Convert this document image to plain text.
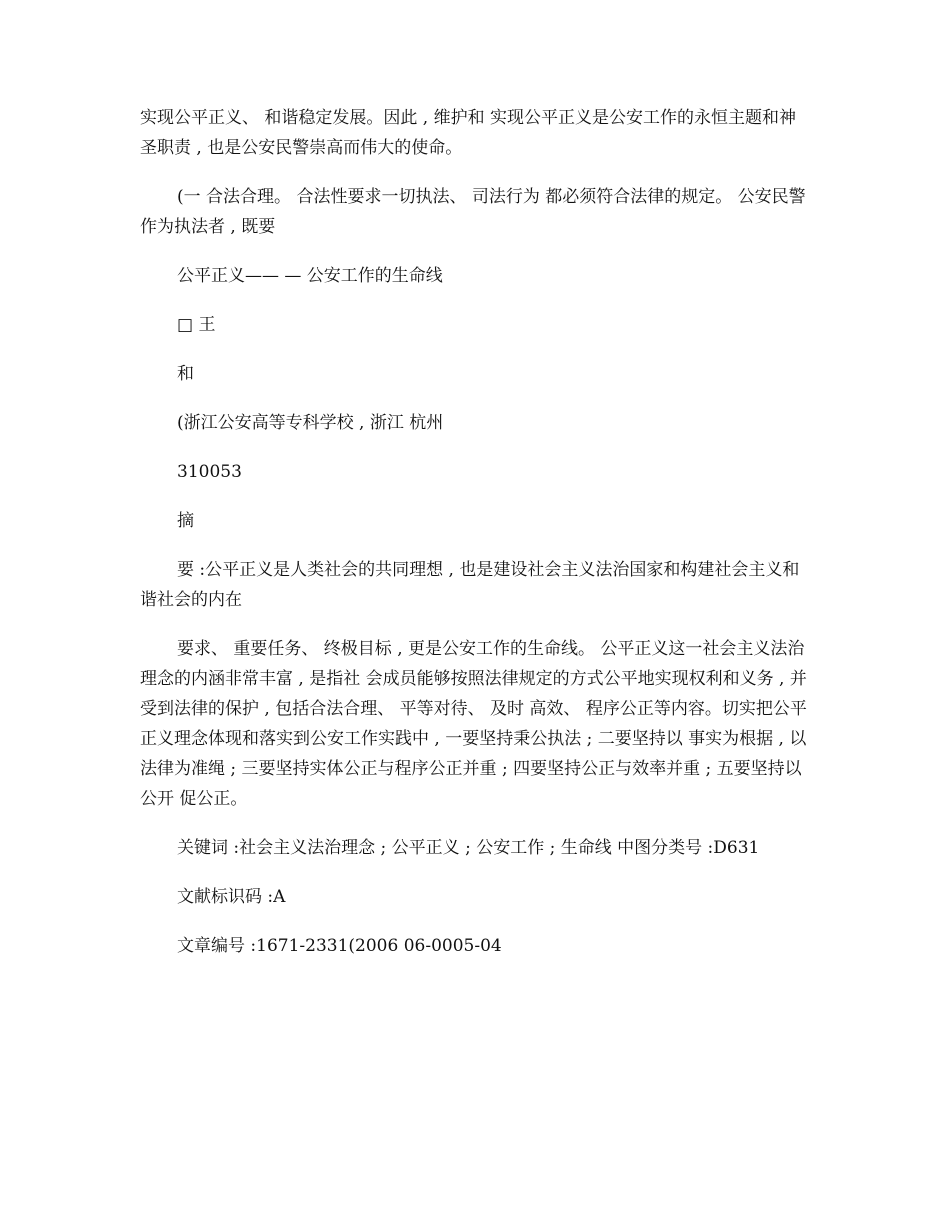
实现公平正义、 和谐稳定发展。因此 , 维护和 实现公平正义是公安工作的永恒主题和神圣职责 , 也是公安民警崇高而伟大的使命。

(一 合法合理。 合法性要求一切执法、 司法行为 都必须符合法律的规定。 公安民警作为执法者 , 既要

公平正义—— — 公安工作的生命线

□ 王

和

(浙江公安高等专科学校 , 浙江 杭州

310053

摘

要 :公平正义是人类社会的共同理想 , 也是建设社会主义法治国家和构建社会主义和谐社会的内在

要求、 重要任务、 终极目标 , 更是公安工作的生命线。 公平正义这一社会主义法治理念的内涵非常丰富 , 是指社 会成员能够按照法律规定的方式公平地实现权利和义务 , 并受到法律的保护 , 包括合法合理、 平等对待、 及时 高效、 程序公正等内容。切实把公平正义理念体现和落实到公安工作实践中 , 一要坚持秉公执法 ; 二要坚持以 事实为根据 , 以法律为准绳 ; 三要坚持实体公正与程序公正并重 ; 四要坚持公正与效率并重 ; 五要坚持以公开 促公正。

关键词 :社会主义法治理念 ; 公平正义 ; 公安工作 ; 生命线 中图分类号 :D631

文献标识码 :A

文章编号 :1671-2331(2006 06-0005-04
